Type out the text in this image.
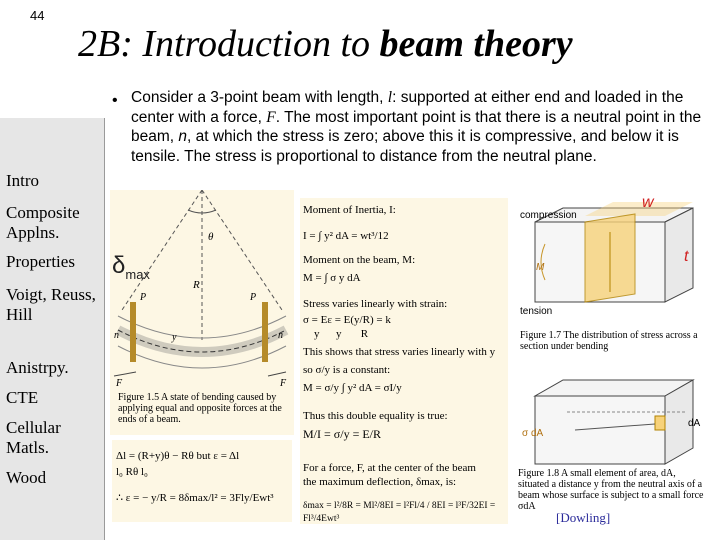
44
2B: Introduction to beam theory
Intro
Composite Applns.
Properties
Voigt, Reuss, Hill
Anistrpy.
CTE
Cellular Matls.
Wood
• Consider a 3-point beam with length, l: supported at either end and loaded in the center with a force, F. The most important point is that there is a neutral point in the beam, n, at which the stress is zero; above this it is compressive, and below it is tensile. The stress is proportional to distance from the neutral plane.
θ
R
n	n
y
P	P
F	F
Figure 1.5 A state of bending caused by applying equal and opposite forces at the ends of a beam.
$\delta_{max}$
Δl = (R+y)θ − Rθ but ε = Δl
l₀ Rθ l₀
∴ ε = − y/R = 8δmax/l² = 3Fly/Ewt³
Moment of Inertia, I:
I = ∫ y² dA = wt³/12
Moment on the beam, M:
M = ∫ σ y dA
Stress varies linearly with strain:
σ = Eε = E(y/R) = k
y      y       R
This shows that stress varies linearly with y
so σ/y is a constant:
M = σ/y ∫ y² dA = σI/y
Thus this double equality is true:
M/I = σ/y = E/R
For a force, F, at the center of the beam
the maximum deflection, δmax, is:
δmax = l²/8R = Ml²/8EI = l²Fl/4 / 8EI = l³F/32EI = Fl³/4Ewt³
compression
M
tension
w
t
Figure 1.7 The distribution of stress across a section under bending
dA
σ dA
Figure 1.8 A small element of area, dA, situated a distance y from the neutral axis of a beam whose surface is subject to a small force σdA
[Dowling]
